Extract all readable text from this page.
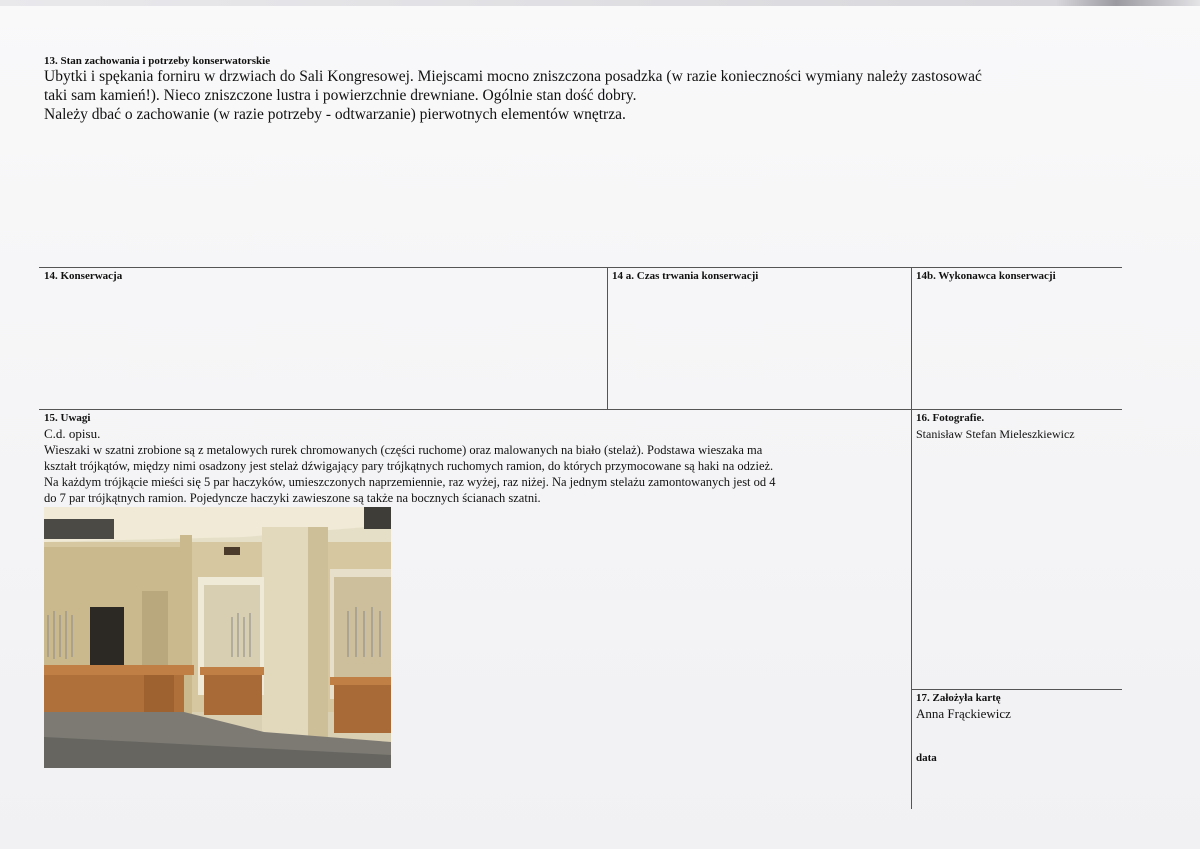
13. Stan zachowania i potrzeby konserwatorskie
Ubytki i spękania forniru w drzwiach do Sali Kongresowej. Miejscami mocno zniszczona posadzka (w razie konieczności wymiany należy zastosować
taki sam kamień!). Nieco zniszczone lustra i powierzchnie drewniane. Ogólnie stan dość dobry.
Należy dbać o zachowanie (w razie potrzeby - odtwarzanie) pierwotnych elementów wnętrza.
14. Konserwacja	14 a. Czas trwania konserwacji	14b. Wykonawca konserwacji
15. Uwagi
C.d. opisu.
Wieszaki w szatni zrobione są z metalowych rurek chromowanych (części ruchome) oraz malowanych na biało (stelaż). Podstawa wieszaka ma
kształt trójkątów, między nimi osadzony jest stelaż dźwigający pary trójkątnych ruchomych ramion, do których przymocowane są haki na odzież.
Na każdym trójkącie mieści się 5 par haczyków, umieszczonych naprzemiennie, raz wyżej, raz niżej. Na jednym stelażu zamontowanych jest od 4
do 7 par trójkątnych ramion. Pojedyncze haczyki zawieszone są także na bocznych ścianach szatni.
16. Fotografie.
Stanisław Stefan Mieleszkiewicz
17. Założyła kartę
Anna Frąckiewicz
data
